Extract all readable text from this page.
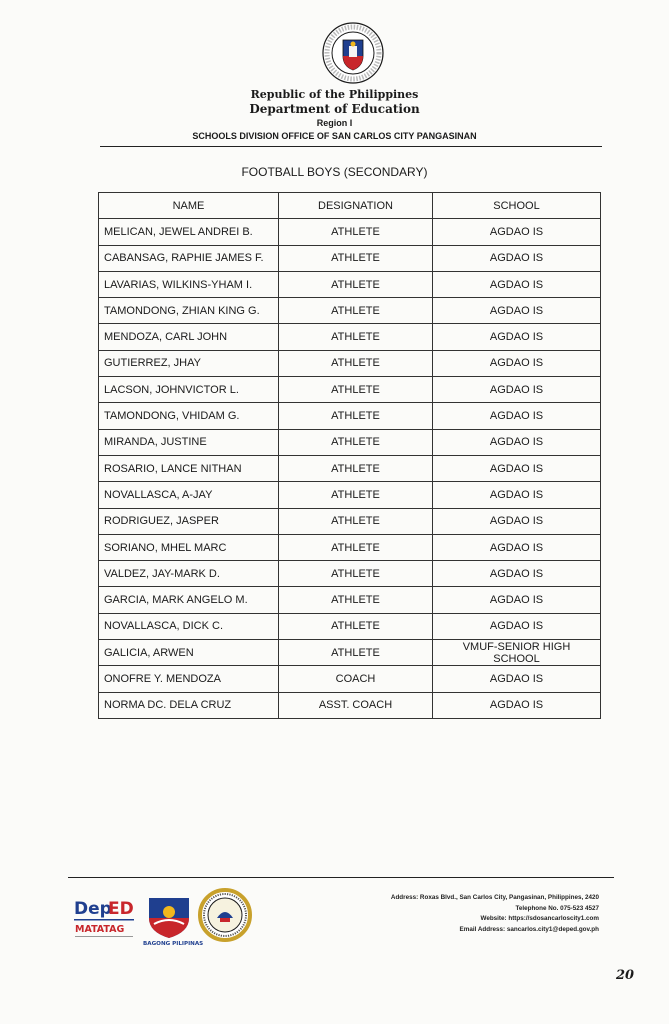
Republic of the Philippines
Department of Education
Region I
SCHOOLS DIVISION OFFICE OF SAN CARLOS CITY PANGASINAN
FOOTBALL BOYS (SECONDARY)
NAME	DESIGNATION	SCHOOL
MELICAN, JEWEL ANDREI B.	ATHLETE	AGDAO IS
CABANSAG, RAPHIE JAMES F.	ATHLETE	AGDAO IS
LAVARIAS, WILKINS-YHAM I.	ATHLETE	AGDAO IS
TAMONDONG, ZHIAN KING G.	ATHLETE	AGDAO IS
MENDOZA, CARL JOHN	ATHLETE	AGDAO IS
GUTIERREZ, JHAY	ATHLETE	AGDAO IS
LACSON, JOHNVICTOR L.	ATHLETE	AGDAO IS
TAMONDONG, VHIDAM G.	ATHLETE	AGDAO IS
MIRANDA, JUSTINE	ATHLETE	AGDAO IS
ROSARIO, LANCE NITHAN	ATHLETE	AGDAO IS
NOVALLASCA, A-JAY	ATHLETE	AGDAO IS
RODRIGUEZ, JASPER	ATHLETE	AGDAO IS
SORIANO, MHEL MARC	ATHLETE	AGDAO IS
VALDEZ, JAY-MARK D.	ATHLETE	AGDAO IS
GARCIA, MARK ANGELO M.	ATHLETE	AGDAO IS
NOVALLASCA, DICK C.	ATHLETE	AGDAO IS
GALICIA, ARWEN	ATHLETE	VMUF-SENIOR HIGH SCHOOL
ONOFRE Y. MENDOZA	COACH	AGDAO IS
NORMA DC. DELA CRUZ	ASST. COACH	AGDAO IS
Dep
ED
MATATAG
BAGONG PILIPINAS
Address: Roxas Blvd., San Carlos City, Pangasinan, Philippines, 2420
Telephone No. 075-523 4527
Website: https://sdosancarloscity1.com
Email Address: sancarlos.city1@deped.gov.ph
20
